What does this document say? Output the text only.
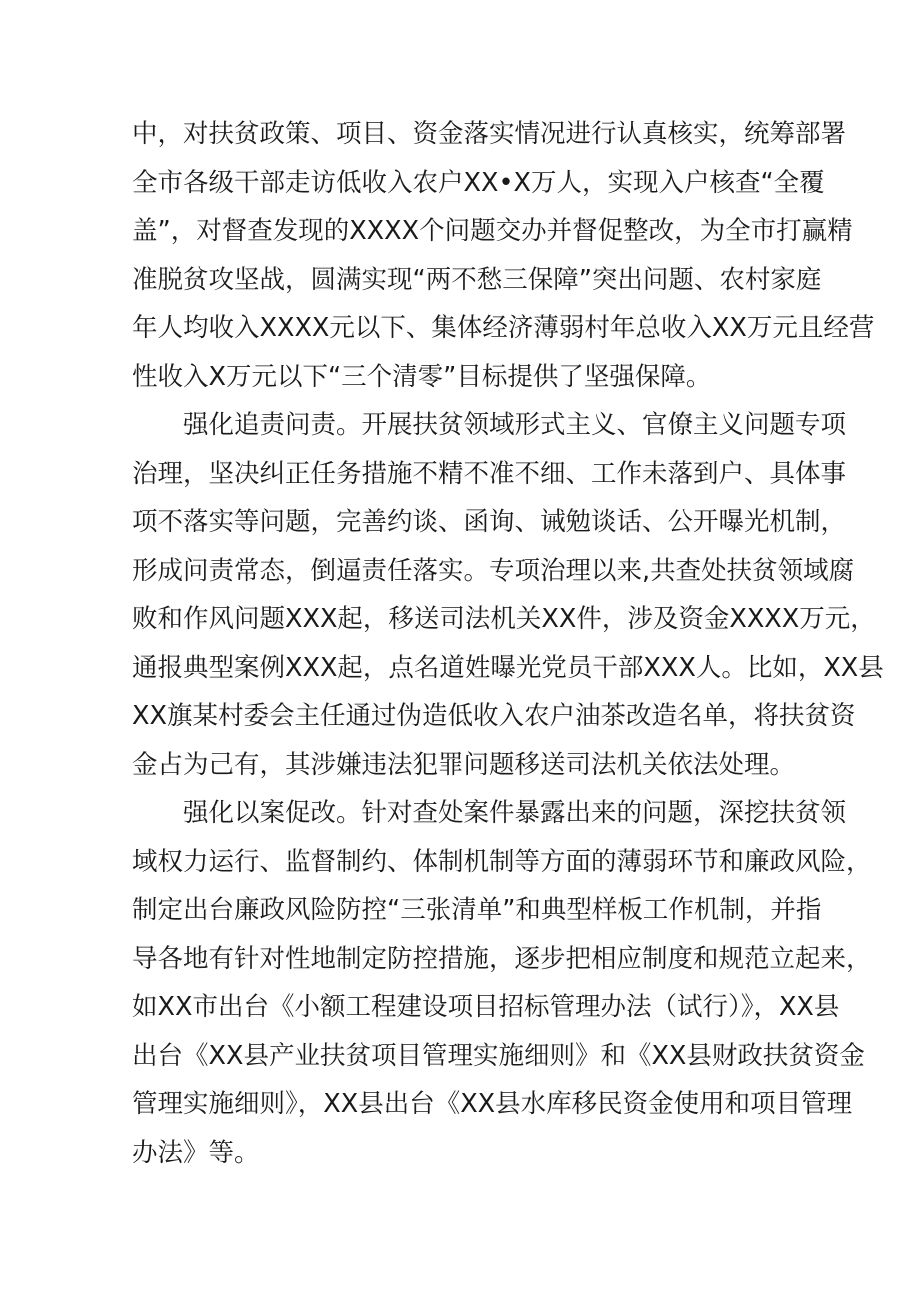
中，对扶贫政策、项目、资金落实情况进行认真核实，统筹部署
全市各级干部走访低收入农户XX•X万人，实现入户核查“全覆
盖”，对督查发现的XXXX个问题交办并督促整改，为全市打赢精
准脱贫攻坚战，圆满实现“两不愁三保障”突出问题、农村家庭
年人均收入XXXX元以下、集体经济薄弱村年总收入XX万元且经营
性收入X万元以下“三个清零”目标提供了坚强保障。
强化追责问责。开展扶贫领域形式主义、官僚主义问题专项
治理，坚决纠正任务措施不精不准不细、工作未落到户、具体事
项不落实等问题，完善约谈、函询、诫勉谈话、公开曝光机制，
形成问责常态，倒逼责任落实。专项治理以来,共查处扶贫领域腐
败和作风问题XXX起，移送司法机关XX件，涉及资金XXXX万元，
通报典型案例XXX起，点名道姓曝光党员干部XXX人。比如，XX县
XX旗某村委会主任通过伪造低收入农户油茶改造名单，将扶贫资
金占为己有，其涉嫌违法犯罪问题移送司法机关依法处理。
强化以案促改。针对查处案件暴露出来的问题，深挖扶贫领
域权力运行、监督制约、体制机制等方面的薄弱环节和廉政风险，
制定出台廉政风险防控“三张清单”和典型样板工作机制，并指
导各地有针对性地制定防控措施，逐步把相应制度和规范立起来，
如XX市出台《小额工程建设项目招标管理办法（试行）》，XX县
出台《XX县产业扶贫项目管理实施细则》和《XX县财政扶贫资金
管理实施细则》，XX县出台《XX县水库移民资金使用和项目管理
办法》等。
